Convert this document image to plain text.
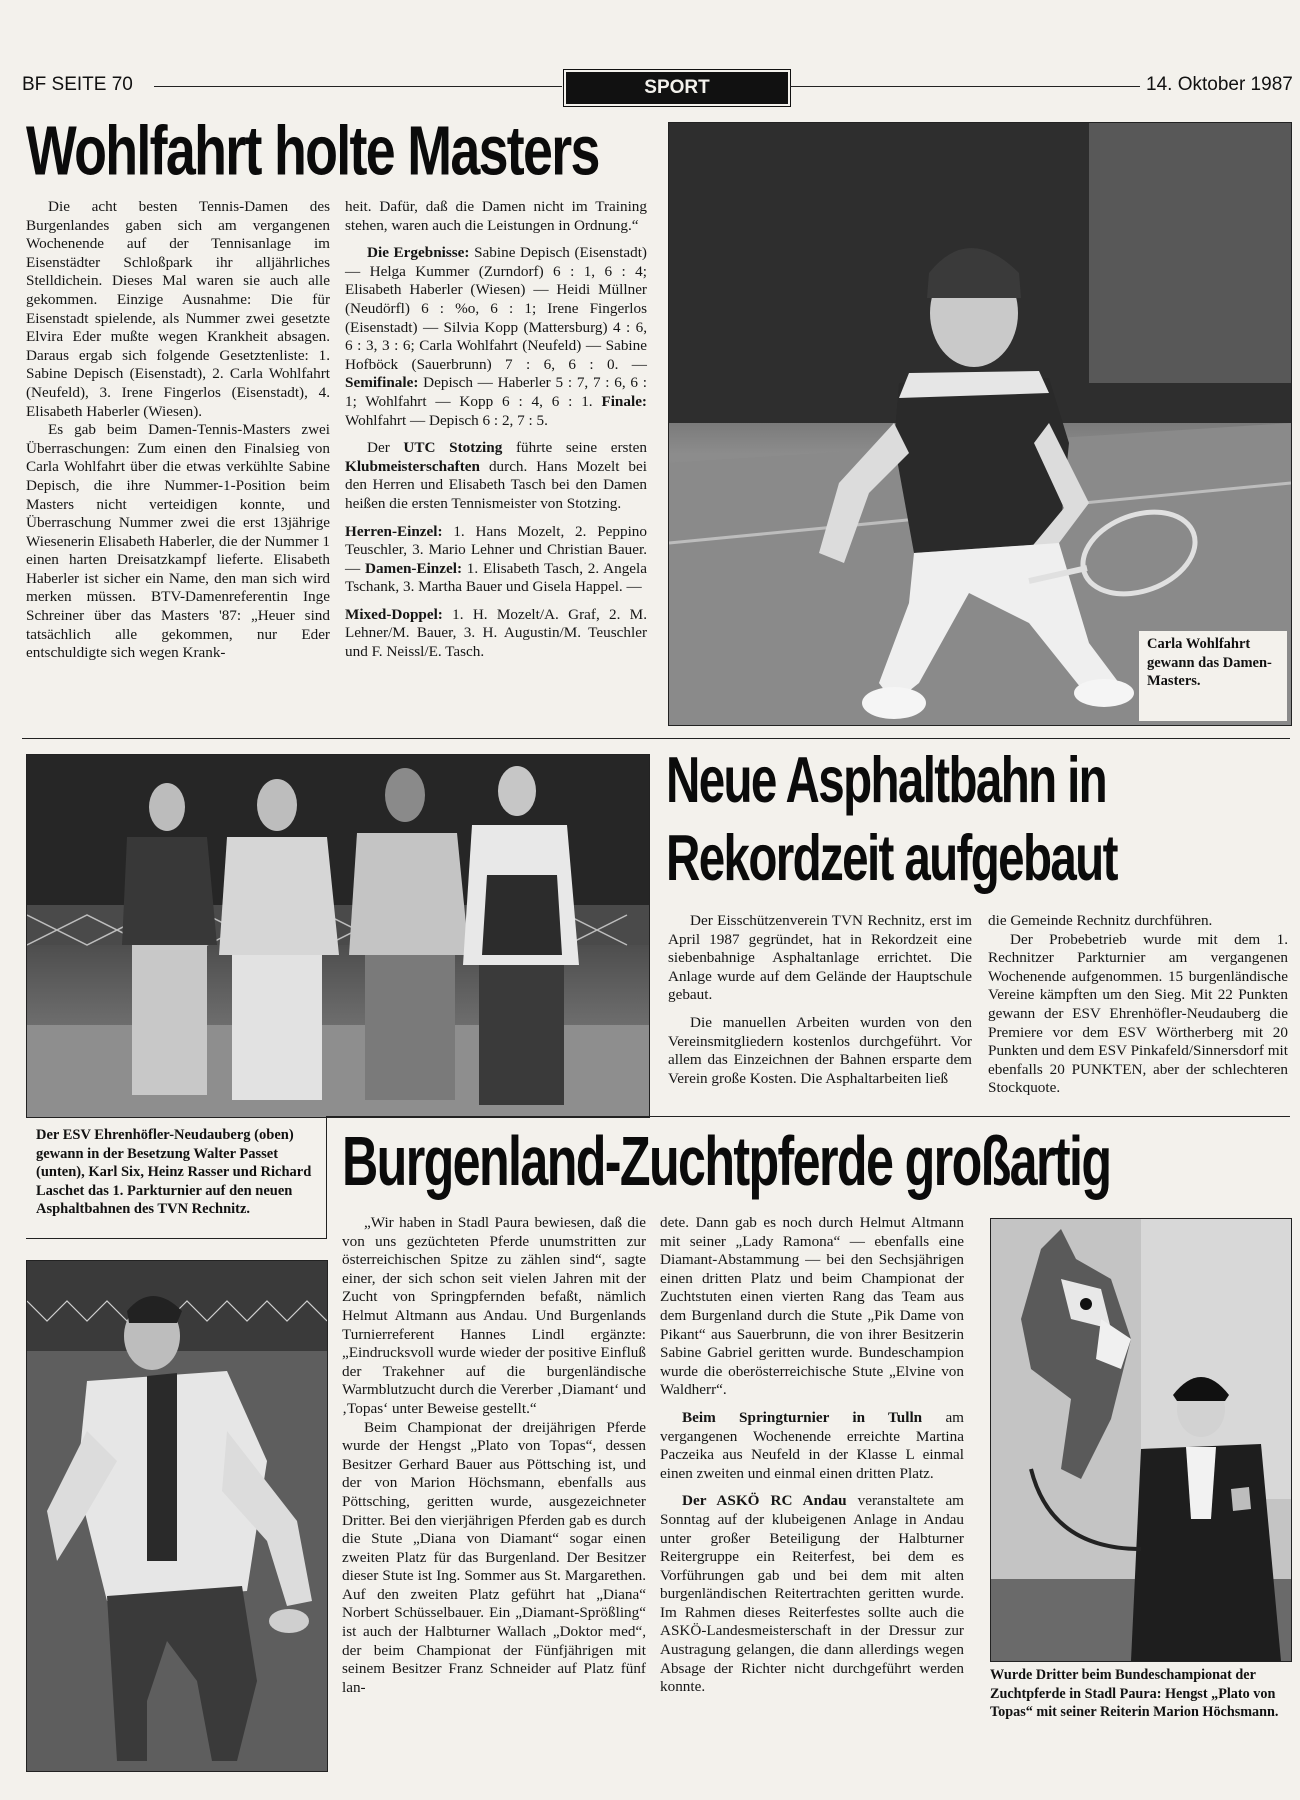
BF SEITE 70	SPORT	14. Oktober 1987
Wohlfahrt holte Masters

Die acht besten Tennis-Damen des Burgenlandes gaben sich am vergangenen Wochenende auf der Tennisanlage im Eisenstädter Schloßpark ihr alljährliches Stelldichein. Dieses Mal waren sie auch alle gekommen. Einzige Ausnahme: Die für Eisenstadt spielende, als Nummer zwei gesetzte Elvira Eder mußte wegen Krankheit absagen. Daraus ergab sich folgende Gesetztenliste: 1. Sabine Depisch (Eisenstadt), 2. Carla Wohlfahrt (Neufeld), 3. Irene Fingerlos (Eisenstadt), 4. Elisabeth Haberler (Wiesen).

Es gab beim Damen-Tennis-Masters zwei Überraschungen: Zum einen den Finalsieg von Carla Wohlfahrt über die etwas verkühlte Sabine Depisch, die ihre Nummer-1-Position beim Masters nicht verteidigen konnte, und Überraschung Nummer zwei die erst 13jährige Wiesenerin Elisabeth Haberler, die der Nummer 1 einen harten Dreisatzkampf lieferte. Elisabeth Haberler ist sicher ein Name, den man sich wird merken müssen. BTV-Damenreferentin Inge Schreiner über das Masters '87: „Heuer sind tatsächlich alle gekommen, nur Eder entschuldigte sich wegen Krank-

heit. Dafür, daß die Damen nicht im Training stehen, waren auch die Leistungen in Ordnung.“

Die Ergebnisse: Sabine Depisch (Eisenstadt) — Helga Kummer (Zurndorf) 6 : 1, 6 : 4; Elisabeth Haberler (Wiesen) — Heidi Müllner (Neudörfl) 6 : %o, 6 : 1; Irene Fingerlos (Eisenstadt) — Silvia Kopp (Mattersburg) 4 : 6, 6 : 3, 3 : 6; Carla Wohlfahrt (Neufeld) — Sabine Hofböck (Sauerbrunn) 7 : 6, 6 : 0. — Semifinale: Depisch — Haberler 5 : 7, 7 : 6, 6 : 1; Wohlfahrt — Kopp 6 : 4, 6 : 1. Finale: Wohlfahrt — Depisch 6 : 2, 7 : 5.

Der UTC Stotzing führte seine ersten Klubmeisterschaften durch. Hans Mozelt bei den Herren und Elisabeth Tasch bei den Damen heißen die ersten Tennismeister von Stotzing.

Herren-Einzel: 1. Hans Mozelt, 2. Peppino Teuschler, 3. Mario Lehner und Christian Bauer. — Damen-Einzel: 1. Elisabeth Tasch, 2. Angela Tschank, 3. Martha Bauer und Gisela Happel. —

Mixed-Doppel: 1. H. Mozelt/A. Graf, 2. M. Lehner/M. Bauer, 3. H. Augustin/M. Teuschler und F. Neissl/E. Tasch.	Carla Wohlfahrt gewann das Damen-Masters.
Neue Asphaltbahn in
Rekordzeit aufgebaut

Der Eisschützenverein TVN Rechnitz, erst im April 1987 gegründet, hat in Rekordzeit eine siebenbahnige Asphaltanlage errichtet. Die Anlage wurde auf dem Gelände der Hauptschule gebaut.

Die manuellen Arbeiten wurden von den Vereinsmitgliedern kostenlos durchgeführt. Vor allem das Einzeichnen der Bahnen ersparte dem Verein große Kosten. Die Asphaltarbeiten ließ

die Gemeinde Rechnitz durchführen.

Der Probebetrieb wurde mit dem 1. Rechnitzer Parkturnier am vergangenen Wochenende aufgenommen. 15 burgenländische Vereine kämpften um den Sieg. Mit 22 Punkten gewann der ESV Ehrenhöfler-Neudauberg die Premiere vor dem ESV Wörtherberg mit 20 Punkten und dem ESV Pinkafeld/Sinnersdorf mit ebenfalls 20 PUNKTEN, aber der schlechteren Stockquote.

Der ESV Ehrenhöfler-Neudauberg (oben) gewann in der Besetzung Walter Passet (unten), Karl Six, Heinz Rasser und Richard Laschet das 1. Parkturnier auf den neuen Asphaltbahnen des TVN Rechnitz.
Burgenland-Zuchtpferde großartig

„Wir haben in Stadl Paura bewiesen, daß die von uns gezüchteten Pferde unumstritten zur österreichischen Spitze zu zählen sind“, sagte einer, der sich schon seit vielen Jahren mit der Zucht von Springpfernden befaßt, nämlich Helmut Altmann aus Andau. Und Burgenlands Turnierreferent Hannes Lindl ergänzte: „Eindrucksvoll wurde wieder der positive Einfluß der Trakehner auf die burgenländische Warmblutzucht durch die Vererber ‚Diamant‘ und ‚Topas‘ unter Beweise gestellt.“

Beim Championat der dreijährigen Pferde wurde der Hengst „Plato von Topas“, dessen Besitzer Gerhard Bauer aus Pöttsching ist, und der von Marion Höchsmann, ebenfalls aus Pöttsching, geritten wurde, ausgezeichneter Dritter. Bei den vierjährigen Pferden gab es durch die Stute „Diana von Diamant“ sogar einen zweiten Platz für das Burgenland. Der Besitzer dieser Stute ist Ing. Sommer aus St. Margarethen. Auf den zweiten Platz geführt hat „Diana“ Norbert Schüsselbauer. Ein „Diamant-Sprößling“ ist auch der Halbturner Wallach „Doktor med“, der beim Championat der Fünfjährigen mit seinem Besitzer Franz Schneider auf Platz fünf lan-

dete. Dann gab es noch durch Helmut Altmann mit seiner „Lady Ramona“ — ebenfalls eine Diamant-Abstammung — bei den Sechsjährigen einen dritten Platz und beim Championat der Zuchtstuten einen vierten Rang das Team aus dem Burgenland durch die Stute „Pik Dame von Pikant“ aus Sauerbrunn, die von ihrer Besitzerin Sabine Gabriel geritten wurde. Bundeschampion wurde die oberösterreichische Stute „Elvine von Waldherr“.

Beim Springturnier in Tulln am vergangenen Wochenende erreichte Martina Paczeika aus Neufeld in der Klasse L einmal einen zweiten und einmal einen dritten Platz.

Der ASKÖ RC Andau veranstaltete am Sonntag auf der klubeigenen Anlage in Andau unter großer Beteiligung der Halbturner Reitergruppe ein Reiterfest, bei dem es Vorführungen gab und bei dem mit alten burgenländischen Reitertrachten geritten wurde. Im Rahmen dieses Reiterfestes sollte auch die ASKÖ-Landesmeisterschaft in der Dressur zur Austragung gelangen, die dann allerdings wegen Absage der Richter nicht durchgeführt werden konnte.

Wurde Dritter beim Bundeschampionat der Zuchtpferde in Stadl Paura: Hengst „Plato von Topas“ mit seiner Reiterin Marion Höchsmann.
